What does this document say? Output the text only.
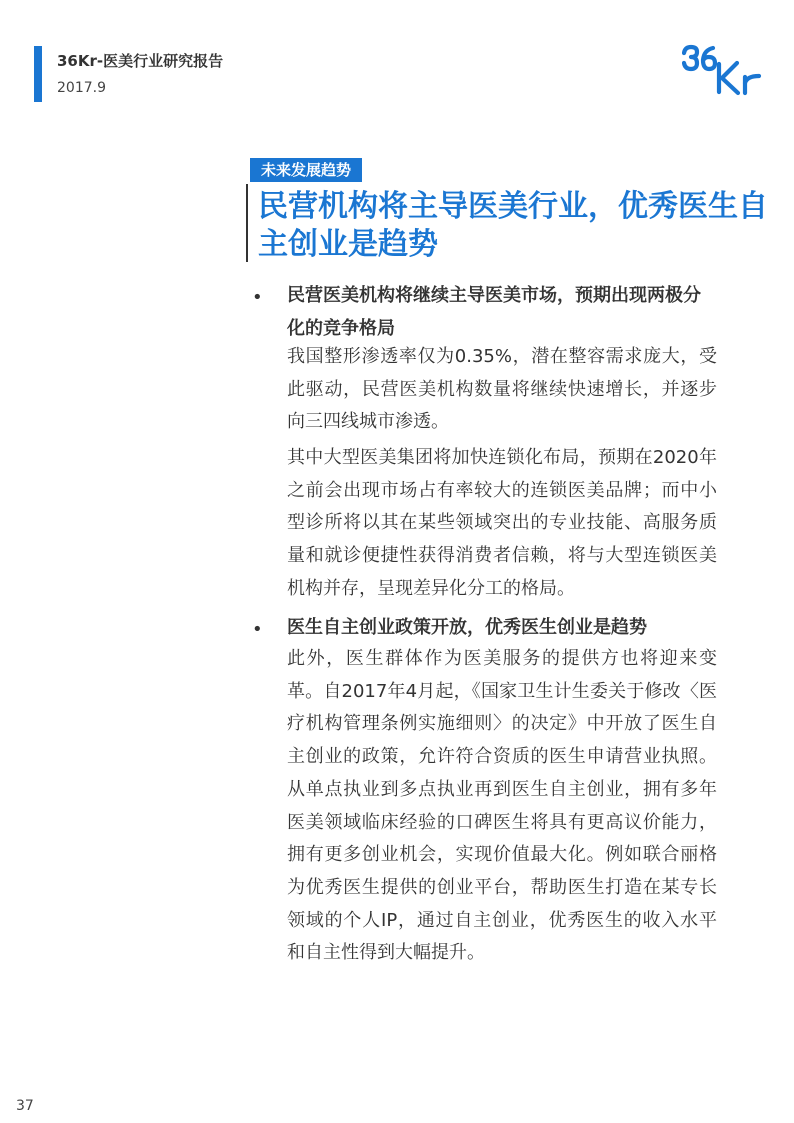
36Kr-医美行业研究报告
2017.9
未来发展趋势
民营机构将主导医美行业，优秀医生自主创业是趋势
• 民营医美机构将继续主导医美市场，预期出现两极分化的竞争格局

我国整形渗透率仅为0.35%，潜在整容需求庞大，受此驱动，民营医美机构数量将继续快速增长，并逐步向三四线城市渗透。

其中大型医美集团将加快连锁化布局，预期在2020年之前会出现市场占有率较大的连锁医美品牌；而中小型诊所将以其在某些领域突出的专业技能、高服务质量和就诊便捷性获得消费者信赖，将与大型连锁医美机构并存，呈现差异化分工的格局。

• 医生自主创业政策开放，优秀医生创业是趋势

此外，医生群体作为医美服务的提供方也将迎来变革。自2017年4月起，《国家卫生计生委关于修改〈医疗机构管理条例实施细则〉的决定》中开放了医生自主创业的政策，允许符合资质的医生申请营业执照。从单点执业到多点执业再到医生自主创业，拥有多年医美领域临床经验的口碑医生将具有更高议价能力，拥有更多创业机会，实现价值最大化。例如联合丽格为优秀医生提供的创业平台，帮助医生打造在某专长领域的个人IP，通过自主创业，优秀医生的收入水平和自主性得到大幅提升。

37
